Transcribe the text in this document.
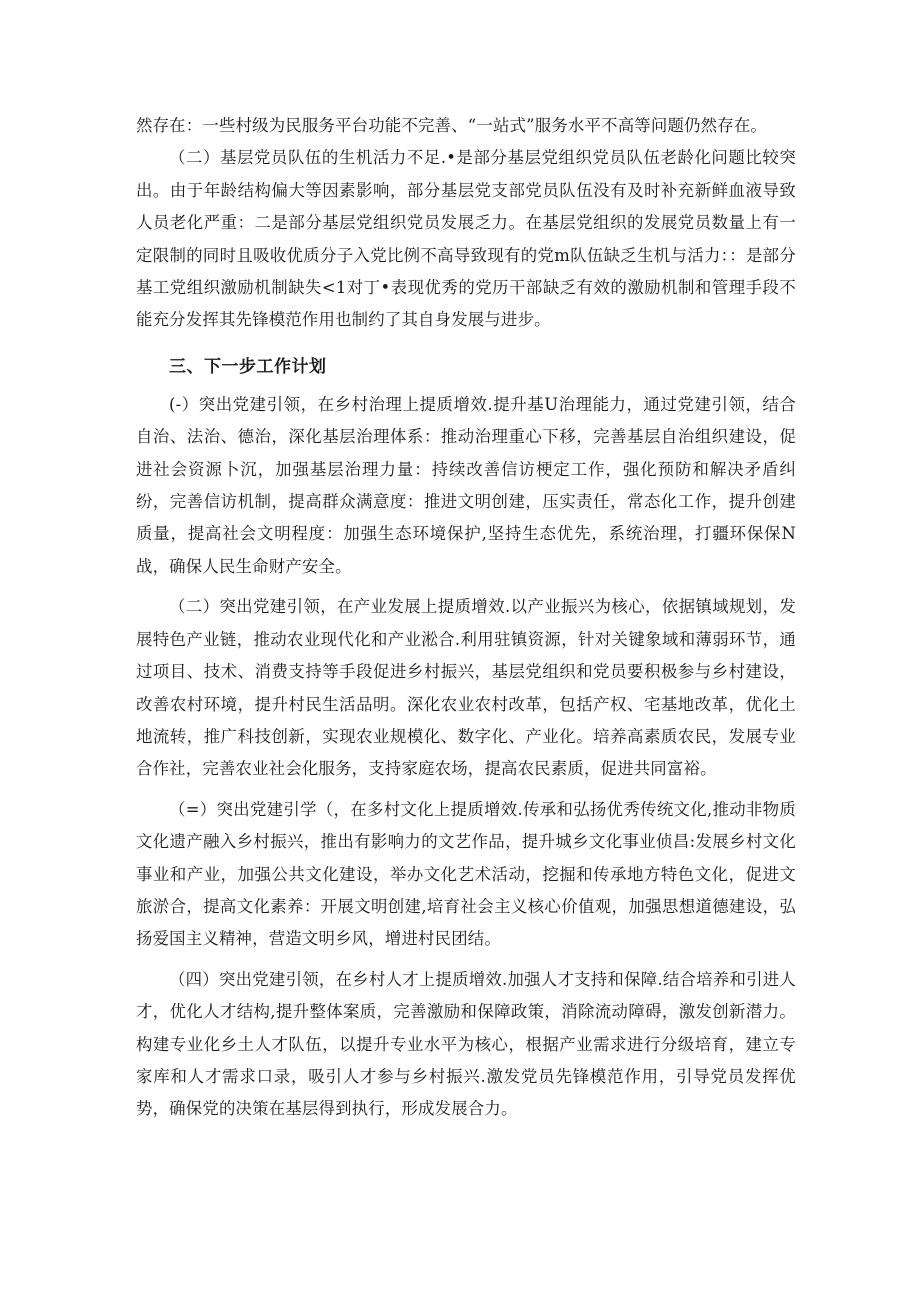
然存在：一些村级为民服务平台功能不完善、“一站式”服务水平不高等问题仍然存在。

（二）基层党员队伍的生机活力不足.•是部分基层党组织党员队伍老龄化问题比较突出。由于年龄结构偏大等因素影响，部分基层党支部党员队伍没有及时补充新鲜血液导致人员老化严重：二是部分基层党组织党员发展乏力。在基层党组织的发展党员数量上有一定限制的同时且吸收优质分子入党比例不高导致现有的党m队伍缺乏生机与活力：：是部分基工党组织激励机制缺失<1对丁•表现优秀的党历干部缺乏有效的激励机制和管理手段不能充分发挥其先锋模范作用也制约了其自身发展与进步。

三、下一步工作计划

(-）突出党建引领，在乡村治理上提质增效.提升基U治理能力，通过党建引领，结合自治、法治、德治，深化基层治理体系：推动治理重心下移，完善基层自治组织建设，促进社会资源卜沉，加强基层治理力量：持续改善信访梗定工作，强化预防和解决矛盾纠纷，完善信访机制，提高群众满意度：推进文明创建，压实责任，常态化工作，提升创建质量，提高社会文明程度：加强生态环境保护,坚持生态优先，系统治理，打疆环保保N战，确保人民生命财产安全。

（二）突出党建引领，在产业发展上提质增效.以产业振兴为核心，依据镇域规划，发展特色产业链，推动农业现代化和产业淞合.利用驻镇资源，针对关键象域和薄弱环节，通过项目、技术、消费支持等手段促进乡村振兴，基层党组织和党员要积极参与乡村建设，改善农村环境，提升村民生活品明。深化农业农村改革，包括产权、宅基地改革，优化土地流转，推广科技创新，实现农业规模化、数字化、产业化。培养高素质农民，发展专业合作社，完善农业社会化服务，支持家庭农场，提高农民素质，促进共同富裕。

（=）突出党建引学（，在多村文化上提质增效.传承和弘扬优秀传统文化,推动非物质文化遗产融入乡村振兴，推出有影响力的文艺作品，提升城乡文化事业侦昌:发展乡村文化事业和产业，加强公共文化建设，举办文化艺术活动，挖掘和传承地方特色文化，促进文旅淤合，提高文化素养：开展文明创建,培育社会主义核心价值观，加强思想道德建设，弘扬爱国主义精神，营造文明乡风，增进村民团结。

（四）突出党建引领，在乡村人才上提质增效.加强人才支持和保障.结合培养和引进人才，优化人才结构,提升整体案质，完善激励和保障政策，消除流动障碍，激发创新潜力。构建专业化乡土人才队伍，以提升专业水平为核心，根据产业需求进行分级培育，建立专家库和人才需求口录，吸引人才参与乡村振兴.激发党员先锋模范作用，引导党员发挥优势，确保党的决策在基层得到执行，形成发展合力。
